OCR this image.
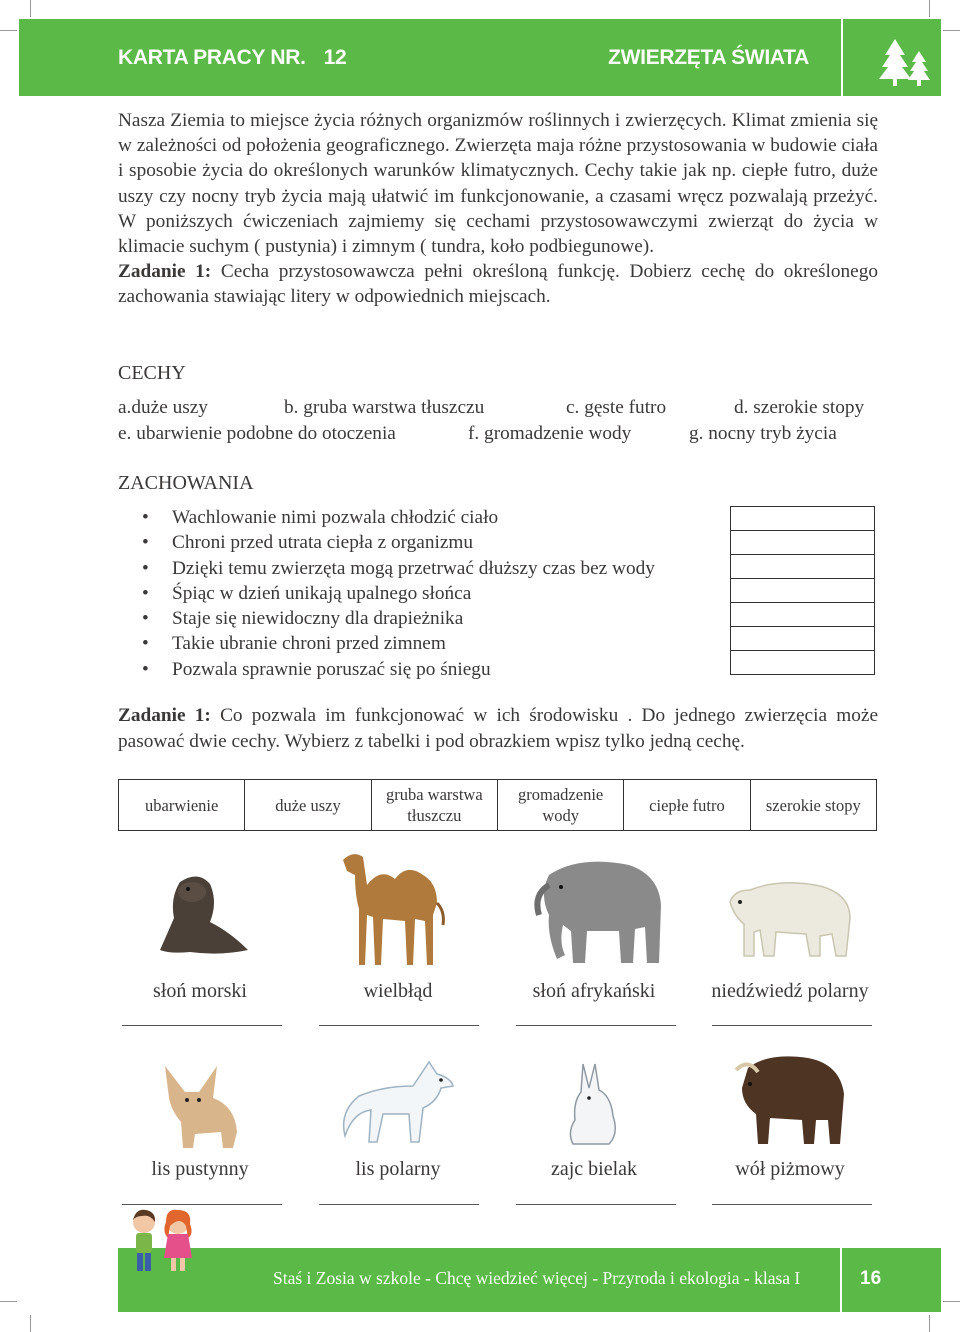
KARTA PRACY NR. 12	ZWIERZĘTA ŚWIATA

Nasza Ziemia to miejsce życia różnych organizmów roślinnych i zwierzęcych. Klimat zmienia się w zależności od położenia geograficznego. Zwierzęta maja różne przystosowania w budowie ciała i sposobie życia do określonych warunków klimatycznych. Cechy takie jak np. ciepłe futro, duże uszy czy nocny tryb życia mają ułatwić im funkcjonowanie, a czasami wręcz pozwalają przeżyć. W poniższych ćwiczeniach zajmiemy się cechami przystosowawczymi zwierząt do życia w klimacie suchym ( pustynia) i zimnym ( tundra, koło podbiegunowe).

Zadanie 1: Cecha przystosowawcza pełni określoną funkcję. Dobierz cechę do określonego zachowania stawiając litery w odpowiednich miejscach.

CECHY
a.duże uszy	b. gruba warstwa tłuszczu	c. gęste futro	d. szerokie stopy
e. ubarwienie podobne do otoczenia	f. gromadzenie wody	g. nocny tryb życia
ZACHOWANIA
• Wachlowanie nimi pozwala chłodzić ciało
• Chroni przed utrata ciepła z organizmu
• Dzięki temu zwierzęta mogą przetrwać dłuższy czas bez wody
• Śpiąc w dzień unikają upalnego słońca
• Staje się niewidoczny dla drapieżnika
• Takie ubranie chroni przed zimnem
• Pozwala sprawnie poruszać się po śniegu
Zadanie 1: Co pozwala im funkcjonować w ich środowisku . Do jednego zwierzęcia może pasować dwie cechy. Wybierz z tabelki i pod obrazkiem wpisz tylko jedną cechę.
ubarwienie	duże uszy	gruba warstwa tłuszczu	gromadzenie wody	ciepłe futro	szerokie stopy
słoń morski	wielbłąd	słoń afrykański	niedźwiedź polarny
lis pustynny	lis polarny	zajc bielak	wół piżmowy
Staś i Zosia w szkole - Chcę wiedzieć więcej - Przyroda i ekologia - klasa I	16
